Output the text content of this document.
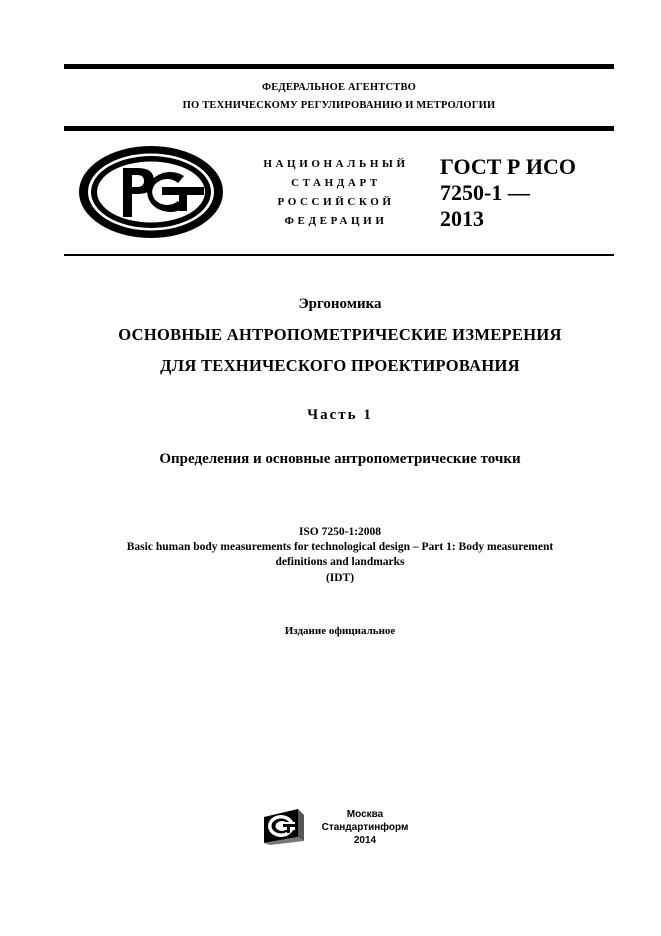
ФЕДЕРАЛЬНОЕ АГЕНТСТВО
ПО ТЕХНИЧЕСКОМУ РЕГУЛИРОВАНИЮ И МЕТРОЛОГИИ
НАЦИОНАЛЬНЫЙ
СТАНДАРТ
РОССИЙСКОЙ
ФЕДЕРАЦИИ
ГОСТ Р ИСО
7250-1 —
2013
Эргономика
ОСНОВНЫЕ АНТРОПОМЕТРИЧЕСКИЕ ИЗМЕРЕНИЯ
ДЛЯ ТЕХНИЧЕСКОГО ПРОЕКТИРОВАНИЯ
Часть 1
Определения и основные антропометрические точки
ISO 7250-1:2008
Basic human body measurements for technological design – Part 1: Body measurement
definitions and landmarks
(IDT)
Издание официальное
Москва
Стандартинформ
2014
